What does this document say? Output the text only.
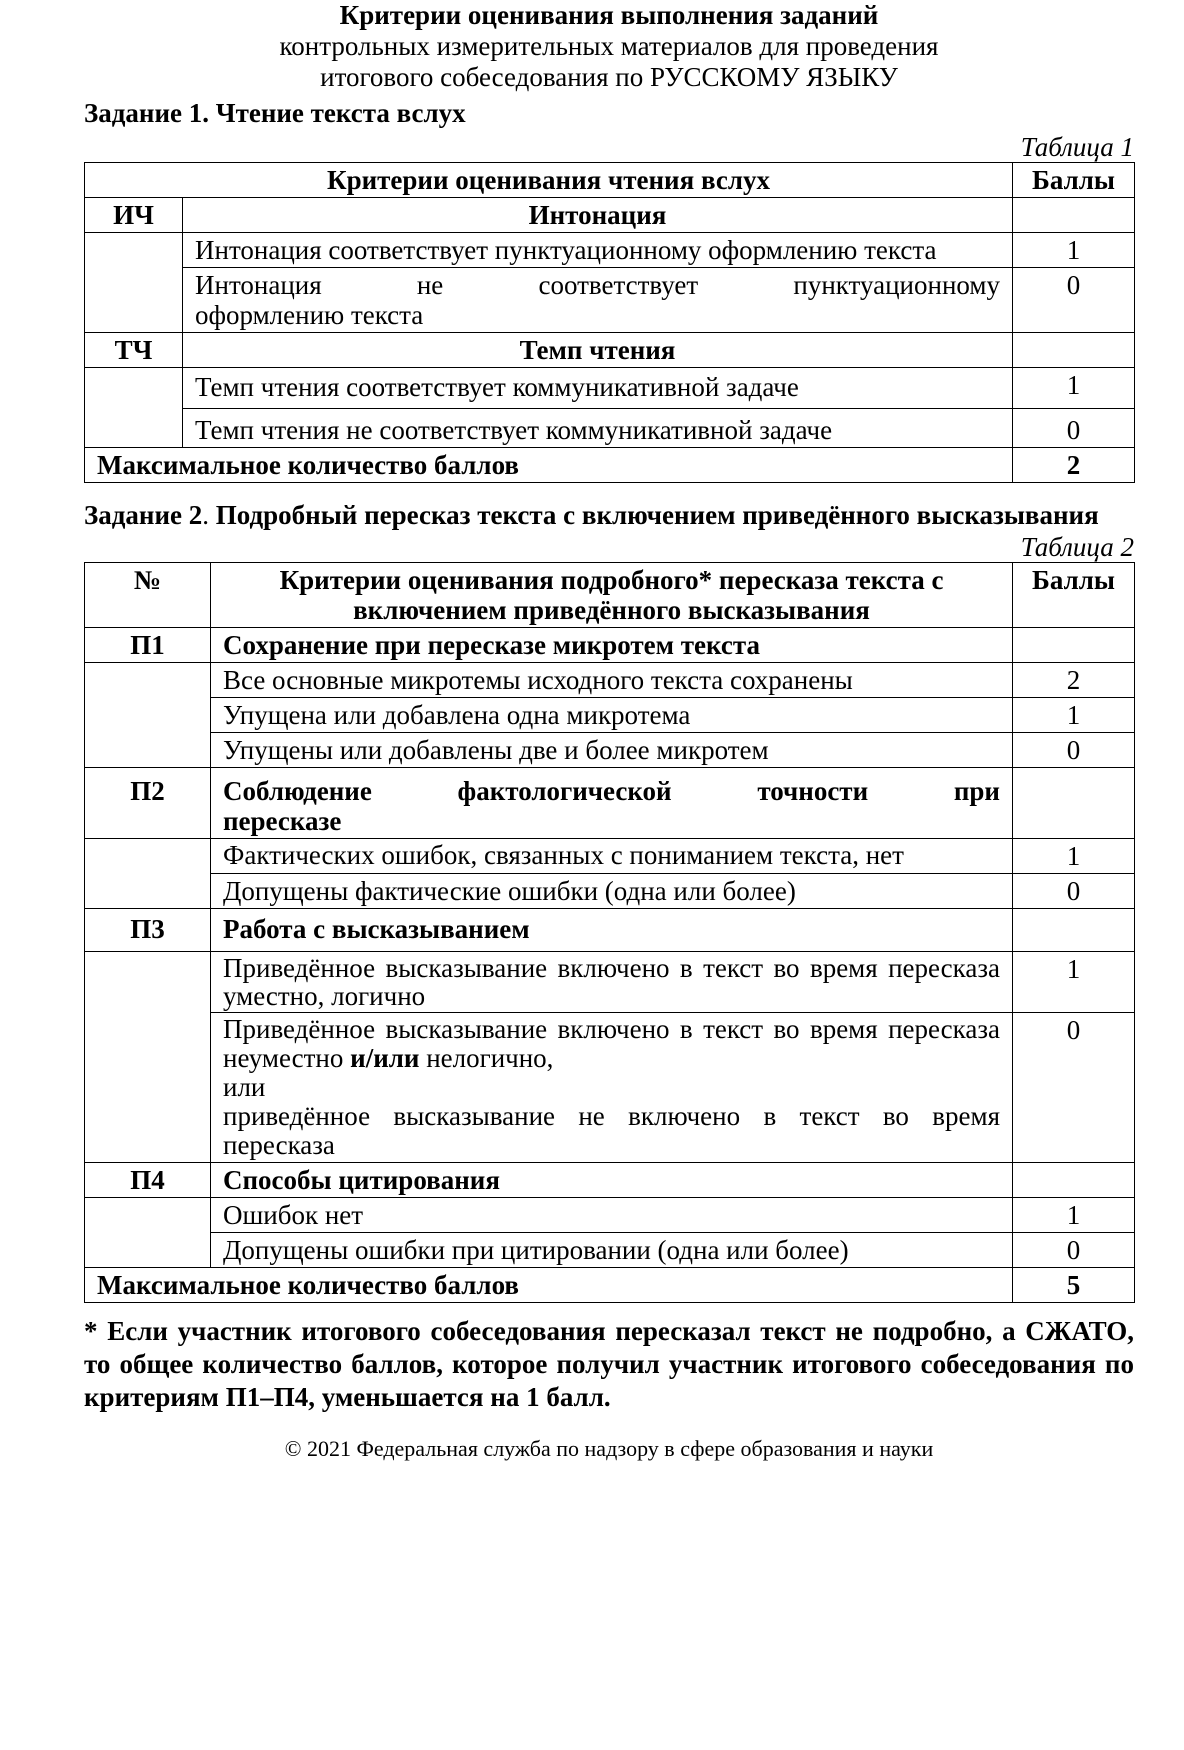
Критерии оценивания выполнения заданий
контрольных измерительных материалов для проведения
итогового собеседования по РУССКОМУ ЯЗЫКУ
Задание 1. Чтение текста вслух
Таблица 1
Критерии оценивания чтения вслух		Баллы
ИЧ	Интонация	
	Интонация соответствует пунктуационному оформлению текста	1

	Интонация не соответствует пунктуационному
оформлению текста	0
ТЧ	Темп чтения	
	Темп чтения соответствует коммуникативной задаче	1
	Темп чтения не соответствует коммуникативной задаче	0
Максимальное количество баллов		2
Задание 2. Подробный пересказ текста с включением приведённого высказывания
Таблица 2
№	Критерии оценивания подробного* пересказа текста с включением приведённого высказывания	Баллы
П1	Сохранение при пересказе микротем текста	
	Все основные микротемы исходного текста сохранены	2
	Упущена или добавлена одна микротема	1
	Упущены или добавлены две и более микротем	0
П2	Соблюдение фактологической точности при
пересказе	
	Фактических ошибок, связанных с пониманием текста, нет	1
	Допущены фактические ошибки (одна или более)	0
П3	Работа с высказыванием	
	Приведённое высказывание включено в текст во время пересказа уместно, логично	1

	Приведённое высказывание включено в текст во время пересказа неуместно и/или нелогично,
или
приведённое высказывание не включено в текст во время пересказа	0
П4	Способы цитирования	
	Ошибок нет	1
	Допущены ошибки при цитировании (одна или более)	0
Максимальное количество баллов		5
* Если участник итогового собеседования пересказал текст не подробно, а СЖАТО, то общее количество баллов, которое получил участник итогового собеседования по критериям П1–П4, уменьшается на 1 балл.
© 2021 Федеральная служба по надзору в сфере образования и науки
